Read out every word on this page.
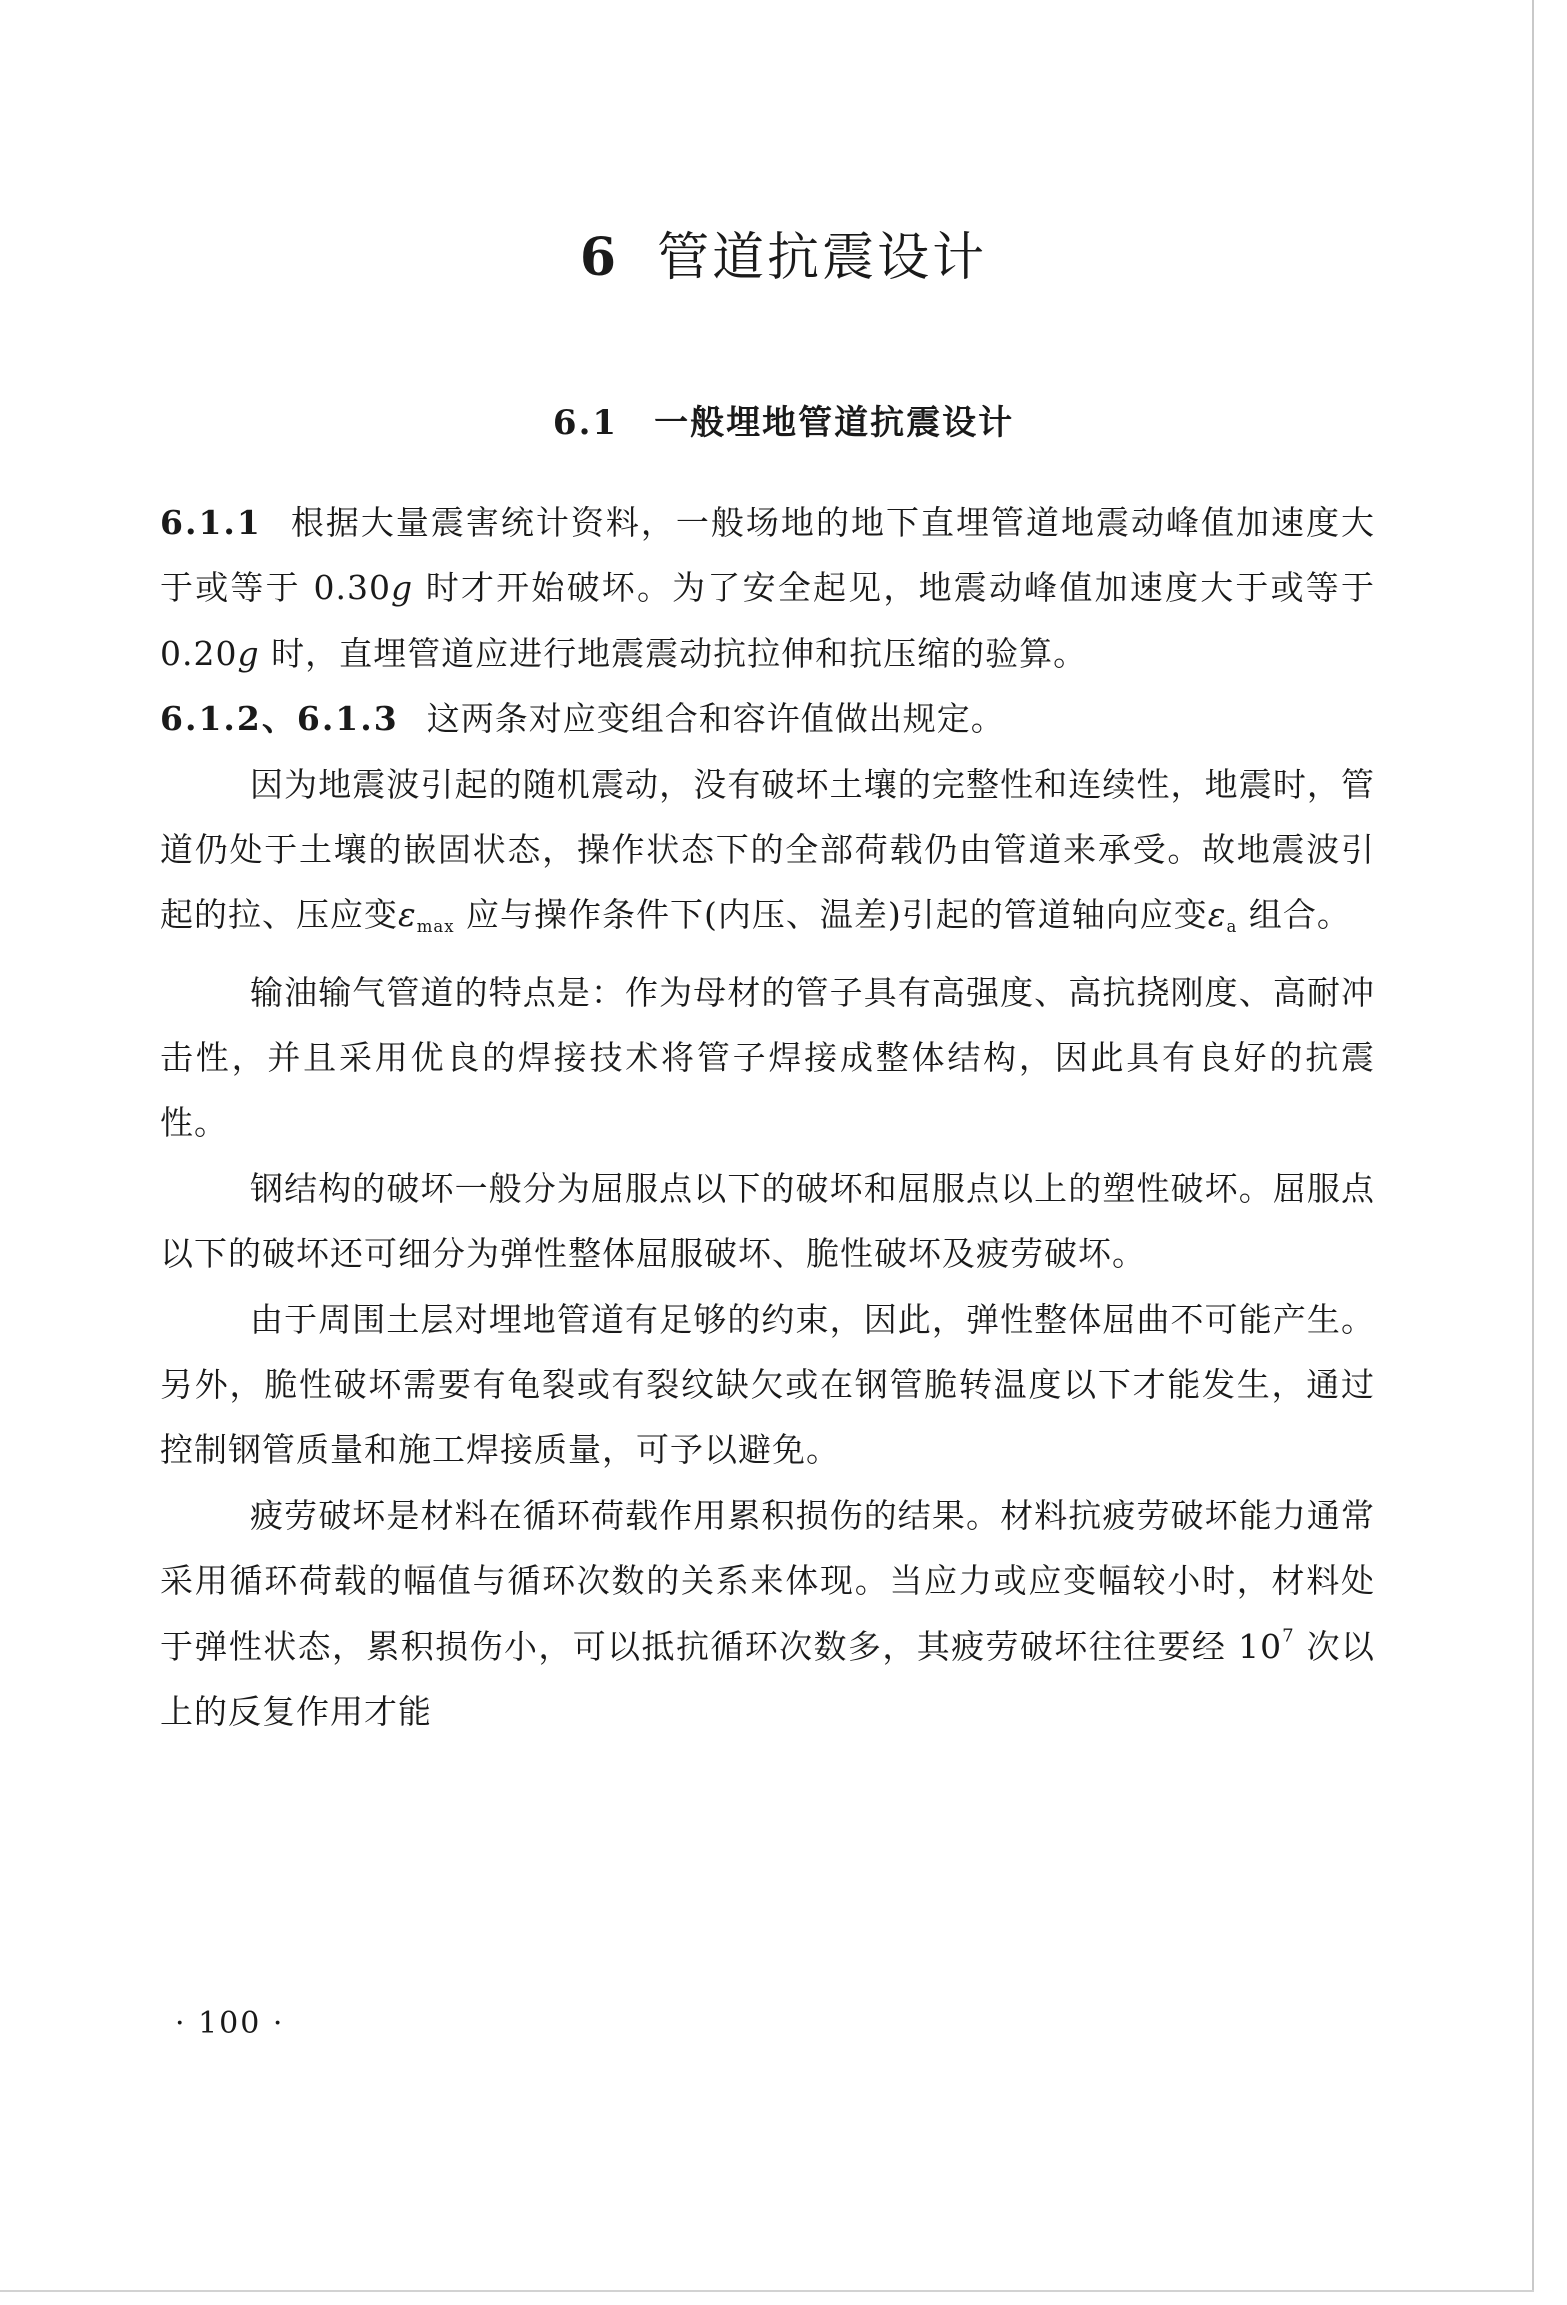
6 管道抗震设计
6.1 一般埋地管道抗震设计

6.1.1 根据大量震害统计资料，一般场地的地下直埋管道地震动峰值加速度大于或等于 0.30g 时才开始破坏。为了安全起见，地震动峰值加速度大于或等于 0.20g 时，直埋管道应进行地震震动抗拉伸和抗压缩的验算。

6.1.2、6.1.3 这两条对应变组合和容许值做出规定。

因为地震波引起的随机震动，没有破坏土壤的完整性和连续性，地震时，管道仍处于土壤的嵌固状态，操作状态下的全部荷载仍由管道来承受。故地震波引起的拉、压应变$\varepsilon_{max}$ 应与操作条件下(内压、温差)引起的管道轴向应变$\varepsilon_a$ 组合。

输油输气管道的特点是：作为母材的管子具有高强度、高抗挠刚度、高耐冲击性，并且采用优良的焊接技术将管子焊接成整体结构，因此具有良好的抗震性。

钢结构的破坏一般分为屈服点以下的破坏和屈服点以上的塑性破坏。屈服点以下的破坏还可细分为弹性整体屈服破坏、脆性破坏及疲劳破坏。

由于周围土层对埋地管道有足够的约束，因此，弹性整体屈曲不可能产生。另外，脆性破坏需要有龟裂或有裂纹缺欠或在钢管脆转温度以下才能发生，通过控制钢管质量和施工焊接质量，可予以避免。

疲劳破坏是材料在循环荷载作用累积损伤的结果。材料抗疲劳破坏能力通常采用循环荷载的幅值与循环次数的关系来体现。当应力或应变幅较小时，材料处于弹性状态，累积损伤小，可以抵抗循环次数多，其疲劳破坏往往要经 $10^7$ 次以上的反复作用才能

· 100 ·
